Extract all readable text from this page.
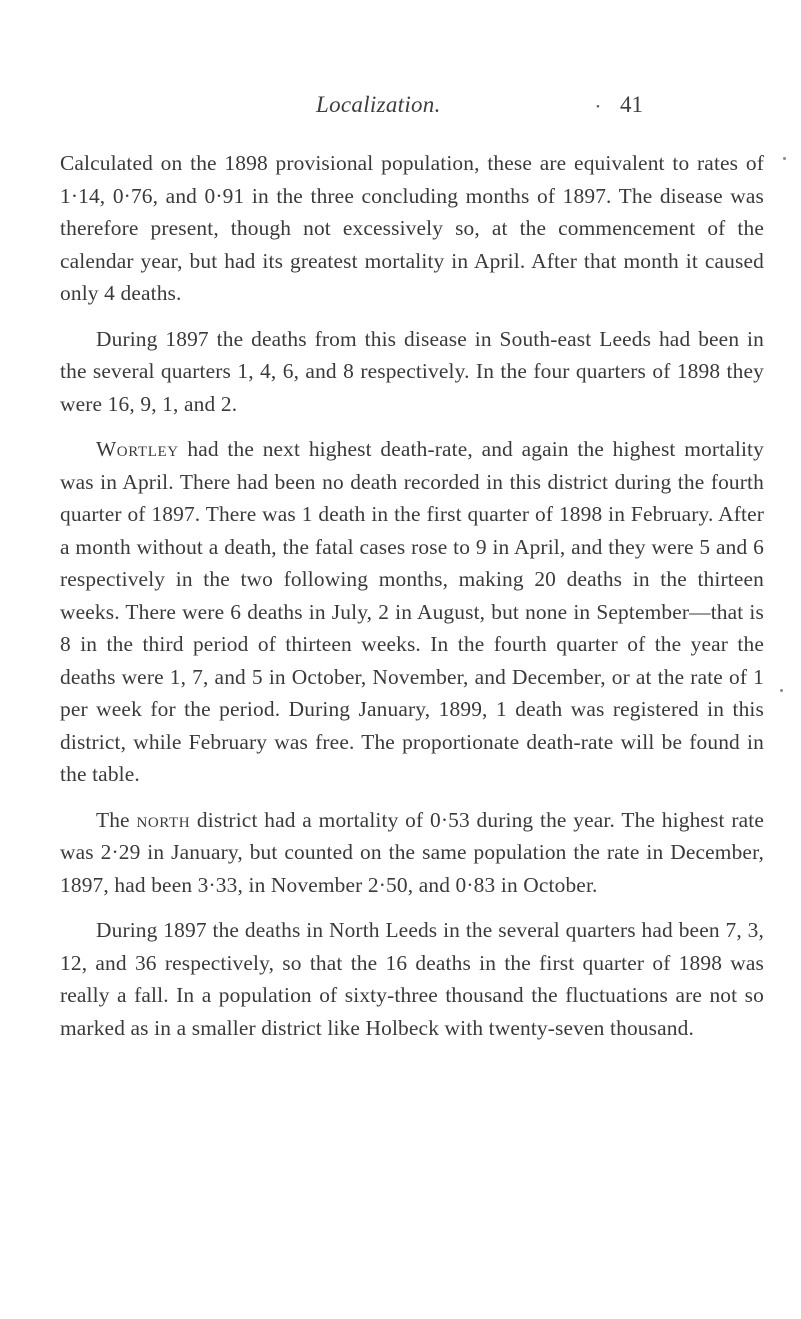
Localization.	• 41

Calculated on the 1898 provisional population, these are equivalent to rates of 1·14, 0·76, and 0·91 in the three concluding months of 1897. The disease was therefore present, though not excessively so, at the commencement of the calendar year, but had its greatest mortality in April. After that month it caused only 4 deaths.

During 1897 the deaths from this disease in South-east Leeds had been in the several quarters 1, 4, 6, and 8 respectively. In the four quarters of 1898 they were 16, 9, 1, and 2.

Wortley had the next highest death-rate, and again the highest mortality was in April. There had been no death recorded in this district during the fourth quarter of 1897. There was 1 death in the first quarter of 1898 in February. After a month without a death, the fatal cases rose to 9 in April, and they were 5 and 6 respectively in the two following months, making 20 deaths in the thirteen weeks. There were 6 deaths in July, 2 in August, but none in September—that is 8 in the third period of thirteen weeks. In the fourth quarter of the year the deaths were 1, 7, and 5 in October, November, and December, or at the rate of 1 per week for the period. During January, 1899, 1 death was registered in this district, while February was free. The proportionate death-rate will be found in the table.

The north district had a mortality of 0·53 during the year. The highest rate was 2·29 in January, but counted on the same population the rate in December, 1897, had been 3·33, in November 2·50, and 0·83 in October.

During 1897 the deaths in North Leeds in the several quarters had been 7, 3, 12, and 36 respectively, so that the 16 deaths in the first quarter of 1898 was really a fall. In a population of sixty-three thousand the fluctuations are not so marked as in a smaller district like Holbeck with twenty-seven thousand.
